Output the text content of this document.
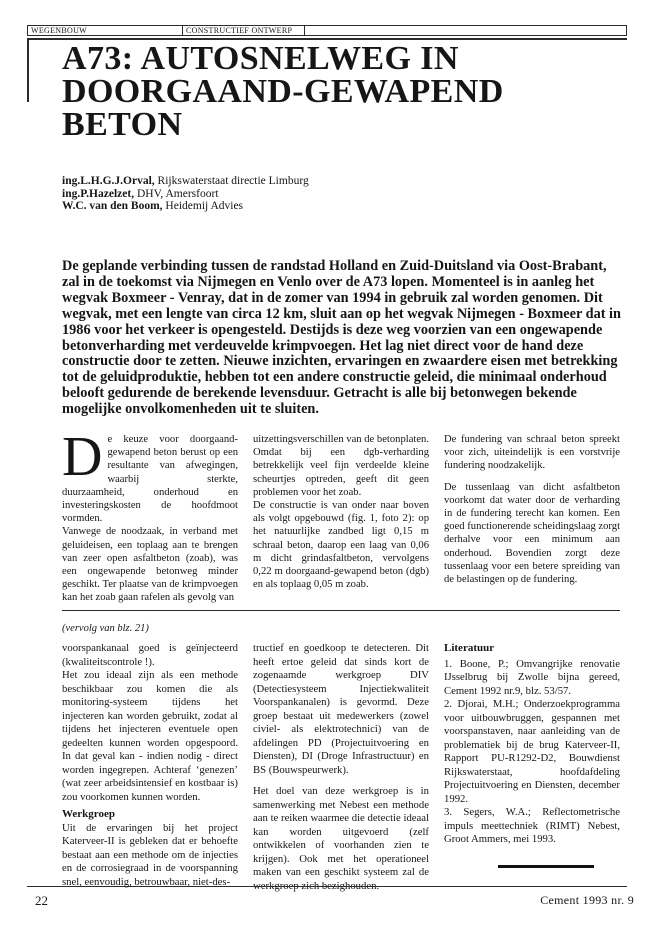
WEGENBOUW	CONSTRUCTIEF ONTWERP
A73: AUTOSNELWEG IN DOORGAAND-GEWAPEND BETON
ing.L.H.G.J.Orval, Rijkswaterstaat directie Limburg
ing.P.Hazelzet, DHV, Amersfoort
W.C. van den Boom, Heidemij Advies

De geplande verbinding tussen de randstad Holland en Zuid-Duitsland via Oost-Brabant, zal in de toekomst via Nijmegen en Venlo over de A73 lopen. Momenteel is in aanleg het wegvak Boxmeer - Venray, dat in de zomer van 1994 in gebruik zal worden genomen. Dit wegvak, met een lengte van circa 12 km, sluit aan op het wegvak Nijmegen - Boxmeer dat in 1986 voor het verkeer is opengesteld. Destijds is deze weg voorzien van een ongewapende betonverharding met verdeuvelde krimpvoegen. Het lag niet direct voor de hand deze constructie door te zetten. Nieuwe inzichten, ervaringen en zwaardere eisen met betrekking tot de geluidproduktie, hebben tot een andere constructie geleid, die minimaal onderhoud belooft gedurende de berekende levensduur. Getracht is alle bij betonwegen bekende mogelijke onvolkomenheden uit te sluiten.

De keuze voor doorgaand-gewapend beton berust op een resultante van afwegingen, waarbij sterkte, duurzaamheid, onderhoud en investeringskosten de hoofdmoot vormden.

Vanwege de noodzaak, in verband met geluideisen, een toplaag aan te brengen van zeer open asfaltbeton (zoab), was een ongewapende betonweg minder geschikt. Ter plaatse van de krimpvoegen kan het zoab gaan rafelen als gevolg van

uitzettingsverschillen van de betonplaten. Omdat bij een dgb-verharding betrekkelijk veel fijn verdeelde kleine scheurtjes optreden, geeft dit geen problemen voor het zoab.

De constructie is van onder naar boven als volgt opgebouwd (fig. 1, foto 2): op het natuurlijke zandbed ligt 0,15 m schraal beton, daarop een laag van 0,06 m dicht grindasfaltbeton, vervolgens 0,22 m doorgaand-gewapend beton (dgb) en als toplaag 0,05 m zoab.

De fundering van schraal beton spreekt voor zich, uiteindelijk is een vorstvrije fundering noodzakelijk.

De tussenlaag van dicht asfaltbeton voorkomt dat water door de verharding in de fundering terecht kan komen. Een goed functionerende scheidingslaag zorgt derhalve voor een minimum aan onderhoud. Bovendien zorgt deze tussenlaag voor een betere spreiding van de belastingen op de fundering.

(vervolg van blz. 21)

voorspankanaal goed is geïnjecteerd (kwaliteitscontrole !).

Het zou ideaal zijn als een methode beschikbaar zou komen die als monitoring-systeem tijdens het injecteren kan worden gebruikt, zodat al tijdens het injecteren eventuele open gedeelten kunnen worden opgespoord. In dat geval kan - indien nodig - direct worden ingegrepen. Achteraf ‘genezen’ (wat zeer arbeidsintensief en kostbaar is) zou voorkomen kunnen worden.

Werkgroep

Uit de ervaringen bij het project Katerveer-II is gebleken dat er behoefte bestaat aan een methode om de injecties en de corrosiegraad in de voorspanning snel, eenvoudig, betrouwbaar, niet-des-

tructief en goedkoop te detecteren. Dit heeft ertoe geleid dat sinds kort de zogenaamde werkgroep DIV (Detectiesysteem Injectiekwaliteit Voorspankanalen) is gevormd. Deze groep bestaat uit medewerkers (zowel civiel- als elektrotechnici) van de afdelingen PD (Projectuitvoering en Diensten), DI (Droge Infrastructuur) en BS (Bouwspeurwerk).

Het doel van deze werkgroep is in samenwerking met Nebest een methode aan te reiken waarmee die detectie ideaal kan worden uitgevoerd (zelf ontwikkelen of voorhanden zien te krijgen). Ook met het operationeel maken van een geschikt systeem zal de werkgroep zich bezighouden.

Literatuur

1. Boone, P.; Omvangrijke renovatie IJsselbrug bij Zwolle bijna gereed, Cement 1992 nr.9, blz. 53/57.

2. Djorai, M.H.; Onderzoekprogramma voor uitbouwbruggen, gespannen met voorspanstaven, naar aanleiding van de problematiek bij de brug Katerveer-II, Rapport PU-R1292-D2, Bouwdienst Rijkswaterstaat, hoofdafdeling Projectuitvoering en Diensten, december 1992.

3. Segers, W.A.; Reflectometrische impuls meettechniek (RIMT) Nebest, Groot Ammers, mei 1993.

22	Cement 1993 nr. 9
